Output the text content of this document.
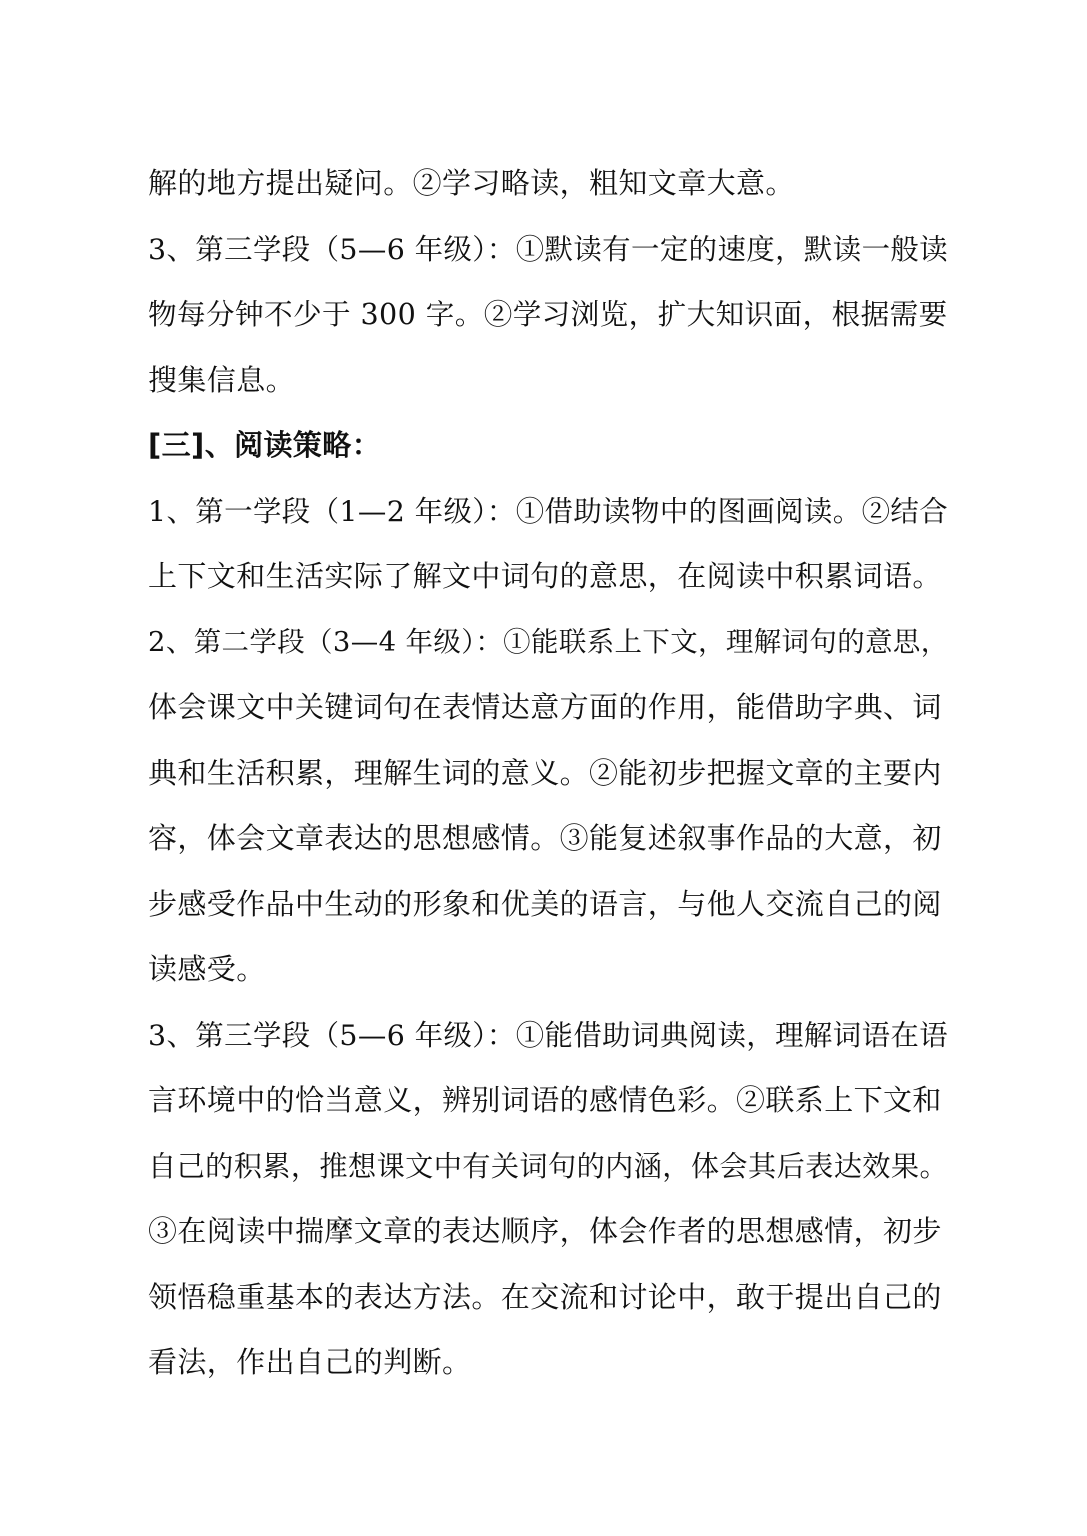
解的地方提出疑问。②学习略读，粗知文章大意。
3、第三学段（5—6 年级）：①默读有一定的速度，默读一般读
物每分钟不少于 300 字。②学习浏览，扩大知识面，根据需要
搜集信息。
[三]、阅读策略：
1、第一学段（1—2 年级）：①借助读物中的图画阅读。②结合
上下文和生活实际了解文中词句的意思，在阅读中积累词语。
2、第二学段（3—4 年级）：①能联系上下文，理解词句的意思，
体会课文中关键词句在表情达意方面的作用，能借助字典、词
典和生活积累，理解生词的意义。②能初步把握文章的主要内
容，体会文章表达的思想感情。③能复述叙事作品的大意，初
步感受作品中生动的形象和优美的语言，与他人交流自己的阅
读感受。
3、第三学段（5—6 年级）：①能借助词典阅读，理解词语在语
言环境中的恰当意义，辨别词语的感情色彩。②联系上下文和
自己的积累，推想课文中有关词句的内涵，体会其后表达效果。
③在阅读中揣摩文章的表达顺序，体会作者的思想感情，初步
领悟稳重基本的表达方法。在交流和讨论中，敢于提出自己的
看法，作出自己的判断。
